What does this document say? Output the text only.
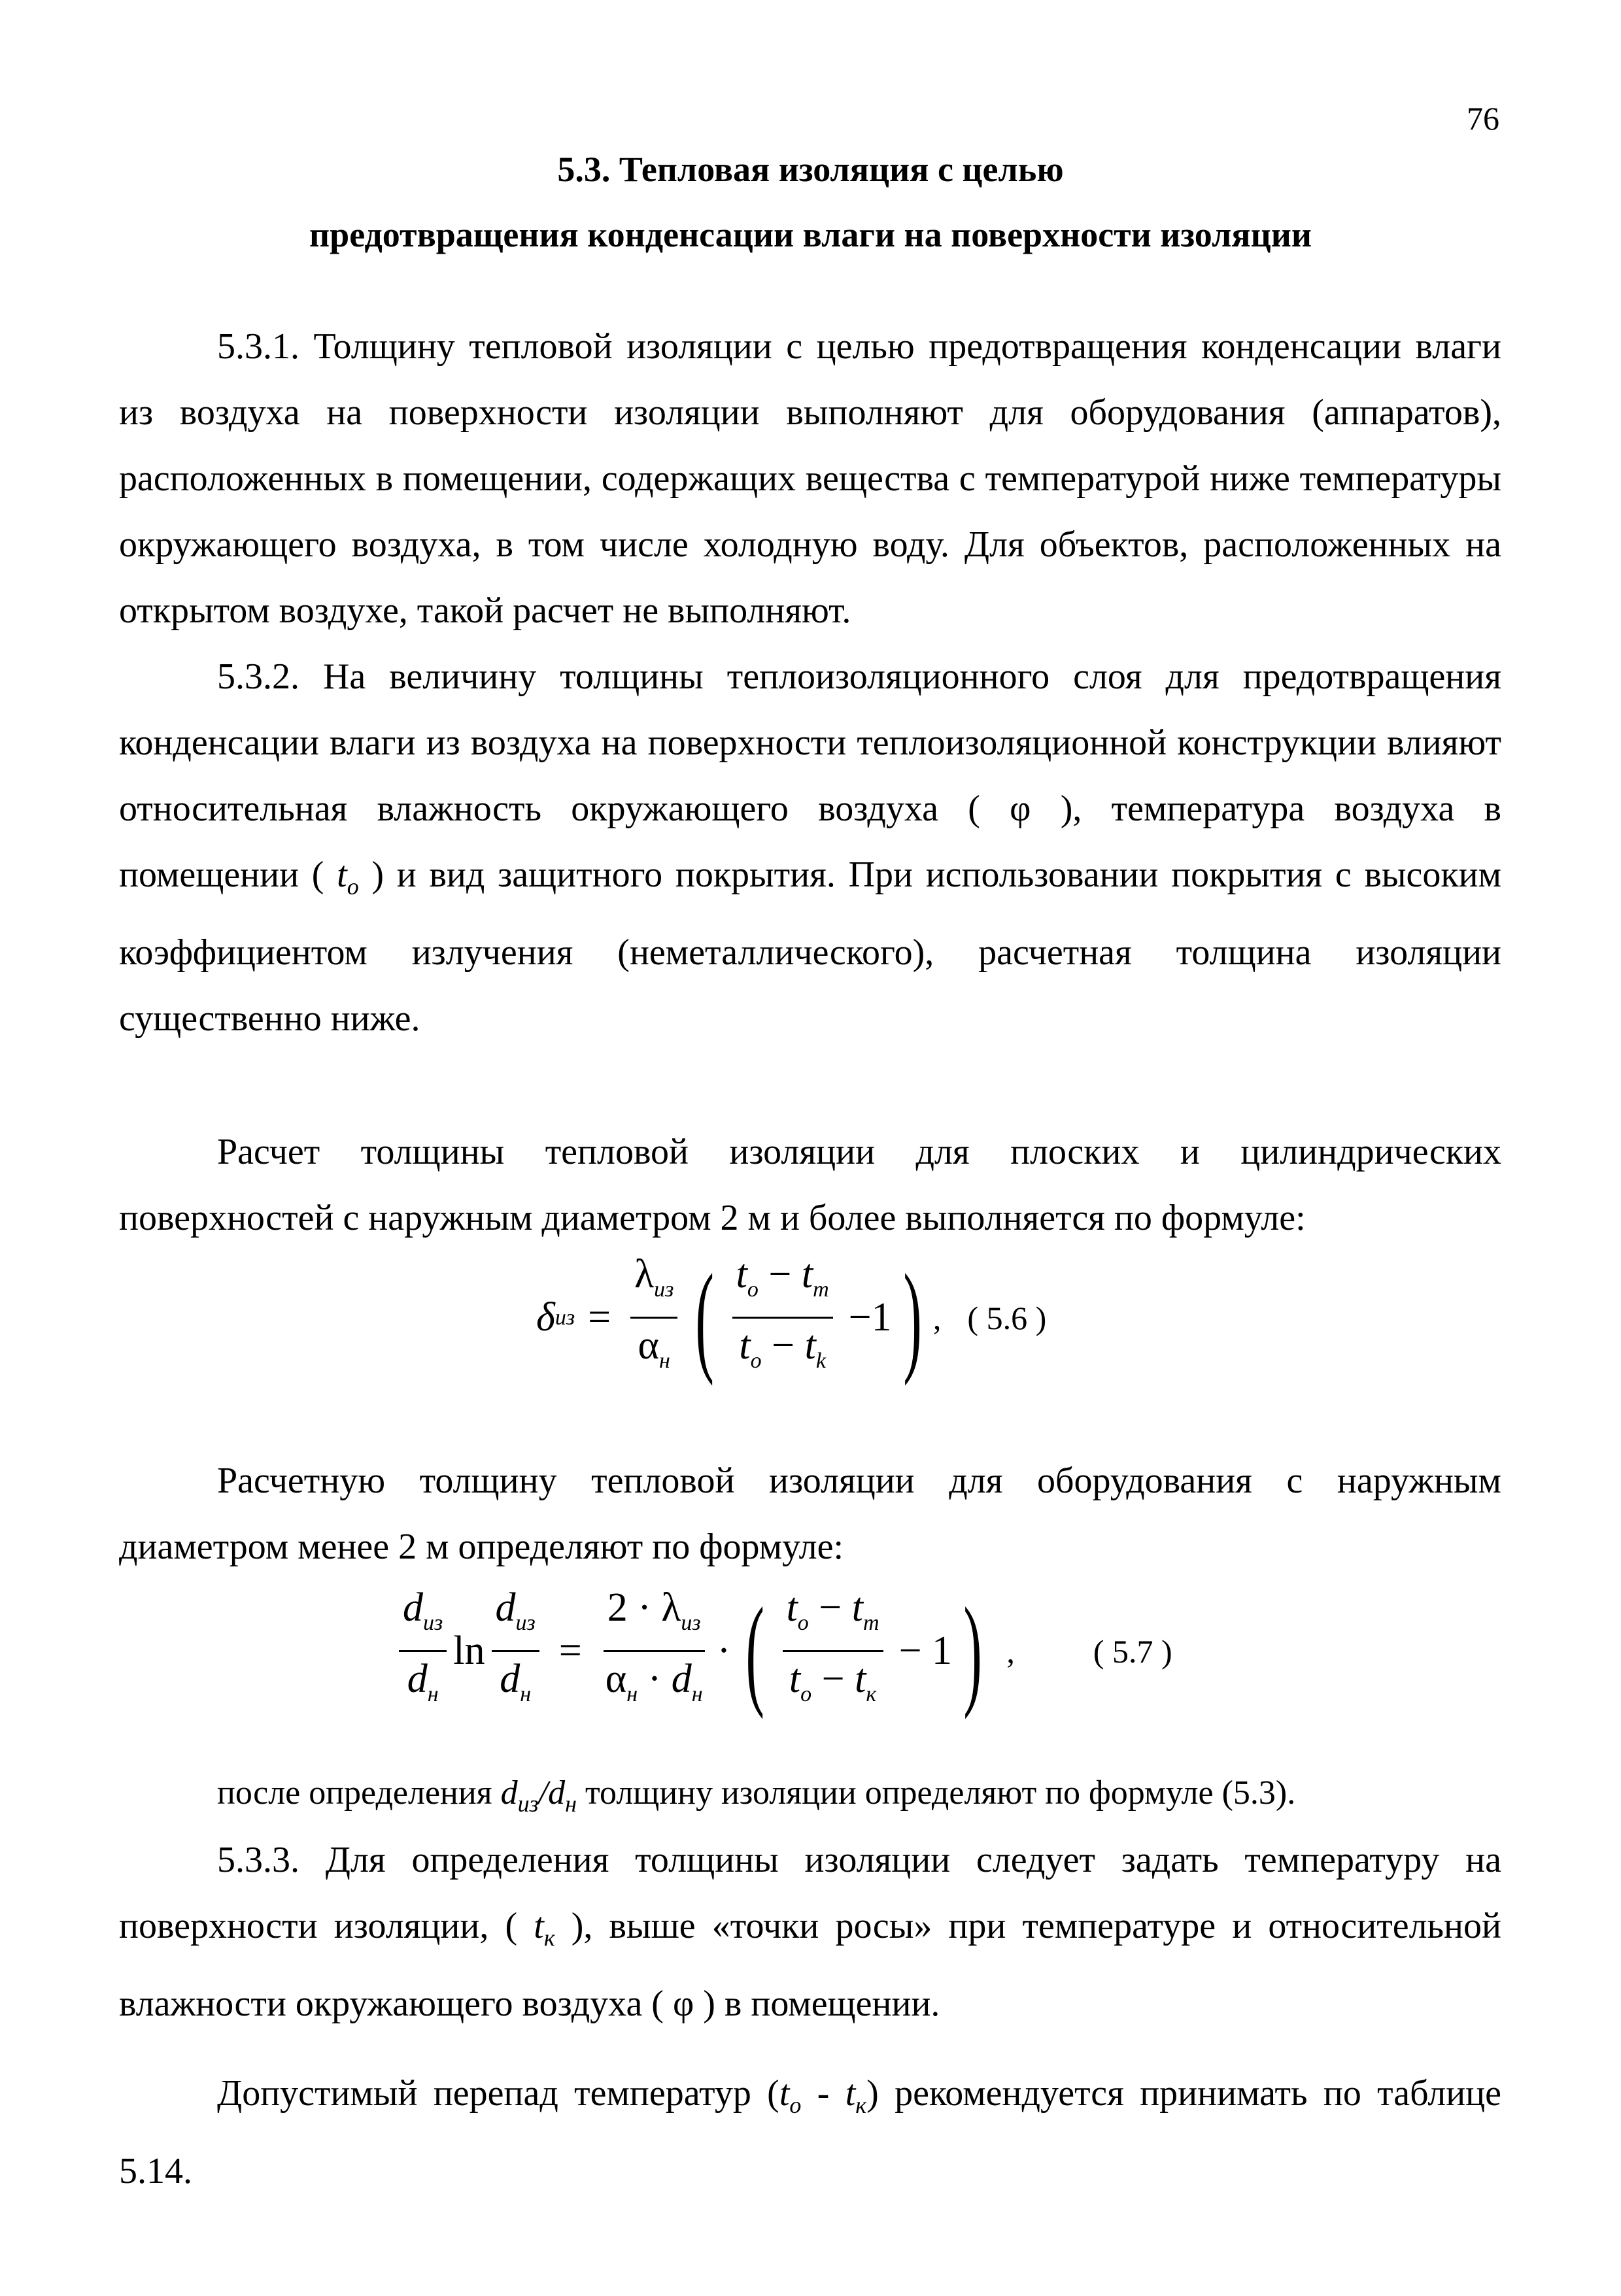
76
5.3. Тепловая изоляция с целью
предотвращения конденсации влаги на поверхности изоляции

5.3.1. Толщину тепловой изоляции с целью предотвращения конденсации влаги из воздуха на поверхности изоляции выполняют для оборудования (аппаратов), расположенных в помещении, содержащих вещества с температурой ниже температуры окружающего воздуха, в том числе холодную воду. Для объектов, расположенных на открытом воздухе, такой расчет не выполняют.

5.3.2. На величину толщины теплоизоляционного слоя для предотвращения конденсации влаги из воздуха на поверхности теплоизоляционной конструкции влияют относительная влажность окружающего воздуха ( φ ), температура воздуха в помещении ( $t_o$ ) и вид защитного покрытия. При использовании покрытия с высоким коэффициентом излучения (неметаллического), расчетная толщина изоляции существенно ниже.

Расчет толщины тепловой изоляции для плоских и цилиндрических поверхностей с наружным диаметром 2 м и более выполняется по формуле:

δ из = $\frac{\lambda_{из}}{\alpha_н}$ ( $\frac{t_o - t_m}{t_o - t_k} -1$ ) , ( 5.6 )

Расчетную толщину тепловой изоляции для оборудования с наружным диаметром менее 2 м определяют по формуле:

$\frac{d_{из}}{d_н}$ $\ln \frac{d_{из}}{d_н} = \frac{2 \cdot \lambda_{из}}{\alpha_н \cdot d_н}$ · ( $\frac{t_o - t_m}{t_o - t_к} - 1$ ) , ( 5.7 )

после определения $d_{из}/d_н$ толщину изоляции определяют по формуле (5.3).

5.3.3. Для определения толщины изоляции следует задать температуру на поверхности изоляции, ( $t_к$ ), выше «точки росы» при температуре и относительной влажности окружающего воздуха ( φ ) в помещении.

Допустимый перепад температур $(t_o - t_к)$ рекомендуется принимать по таблице 5.14.
